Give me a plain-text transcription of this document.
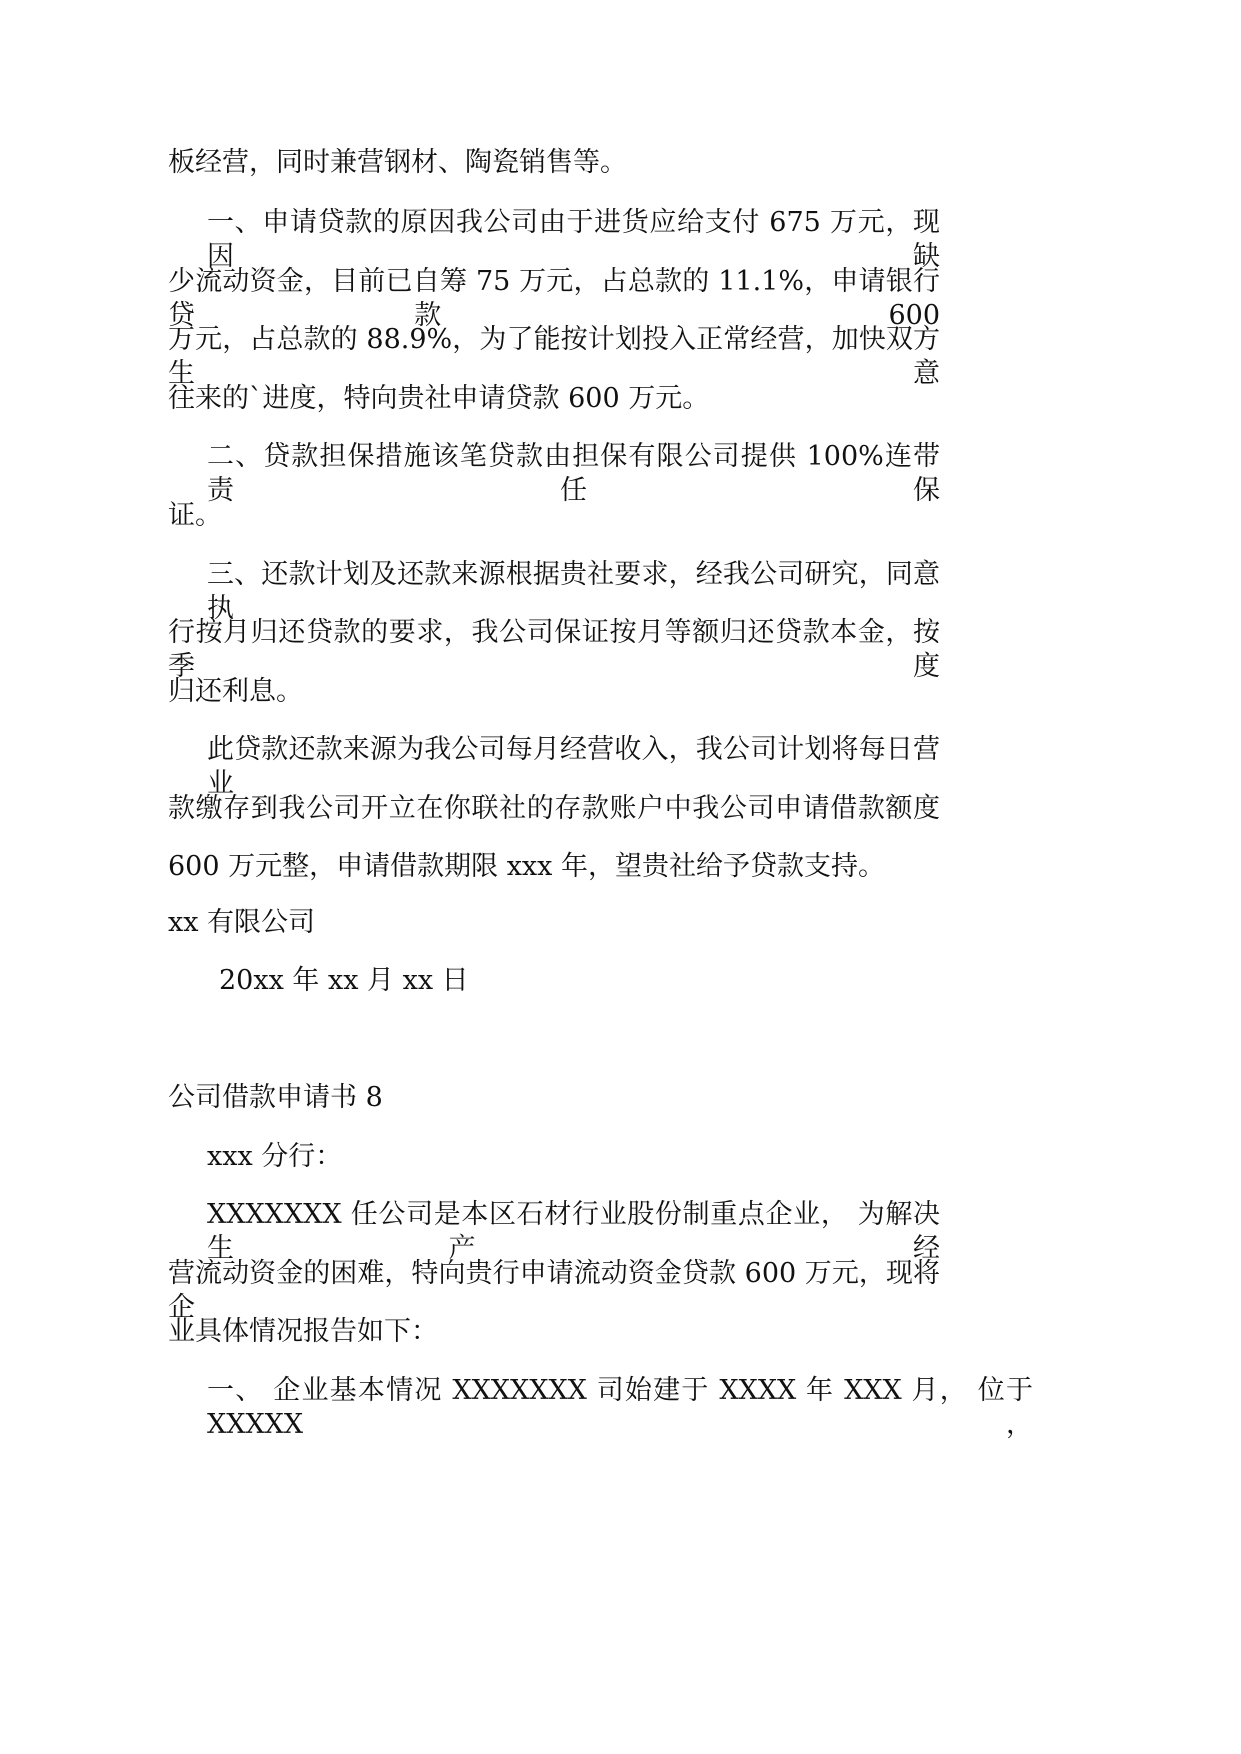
板经营，同时兼营钢材、陶瓷销售等。
一、申请贷款的原因我公司由于进货应给支付 675 万元，现因缺
少流动资金，目前已自筹 75 万元，占总款的 11.1%，申请银行贷款 600
万元，占总款的 88.9%，为了能按计划投入正常经营，加快双方生意
往来的`进度，特向贵社申请贷款 600 万元。
二、贷款担保措施该笔贷款由担保有限公司提供 100%连带责任保
证。
三、还款计划及还款来源根据贵社要求，经我公司研究，同意执
行按月归还贷款的要求，我公司保证按月等额归还贷款本金，按季度
归还利息。
此贷款还款来源为我公司每月经营收入，我公司计划将每日营业
款缴存到我公司开立在你联社的存款账户中我公司申请借款额度
600 万元整，申请借款期限 xxx 年，望贵社给予贷款支持。
xx 有限公司
20xx 年 xx 月 xx 日
公司借款申请书 8
xxx 分行：
XXXXXXX 任公司是本区石材行业股份制重点企业， 为解决生产 经
营流动资金的困难，特向贵行申请流动资金贷款 600 万元，现将企
业具体情况报告如下：
一、 企业基本情况 XXXXXXX 司始建于 XXXX 年 XXX 月， 位于 XXXXX，
